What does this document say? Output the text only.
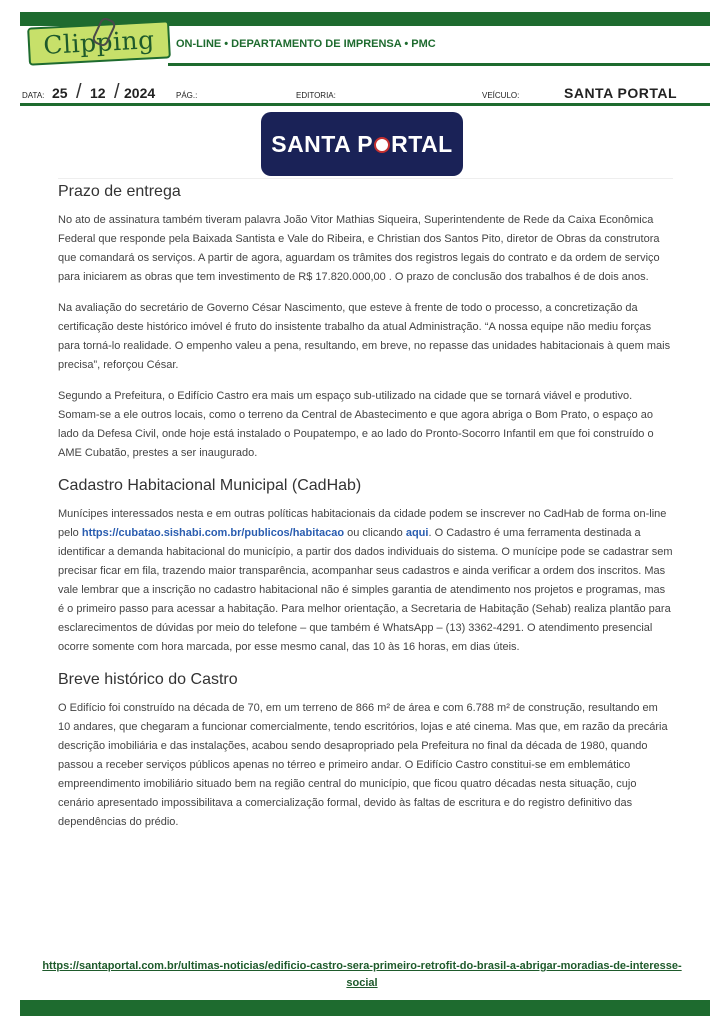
Clipping	ON-LINE • DEPARTAMENTO DE IMPRENSA • PMC
DATA: 25 / 12 / 2024	PÁG.:	EDITORIA:	VEÍCULO:	SANTA PORTAL
SANTA P RTAL
Prazo de entrega

No ato de assinatura também tiveram palavra João Vitor Mathias Siqueira, Superintendente de Rede da Caixa Econômica Federal que responde pela Baixada Santista e Vale do Ribeira, e Christian dos Santos Pito, diretor de Obras da construtora que comandará os serviços. A partir de agora, aguardam os trâmites dos registros legais do contrato e da ordem de serviço para iniciarem as obras que tem investimento de R$ 17.820.000,00 . O prazo de conclusão dos trabalhos é de dois anos.

Na avaliação do secretário de Governo César Nascimento, que esteve à frente de todo o processo, a concretização da certificação deste histórico imóvel é fruto do insistente trabalho da atual Administração. “A nossa equipe não mediu forças para torná-lo realidade. O empenho valeu a pena, resultando, em breve, no repasse das unidades habitacionais à quem mais precisa”, reforçou César.

Segundo a Prefeitura, o Edifício Castro era mais um espaço sub-utilizado na cidade que se tornará viável e produtivo. Somam-se a ele outros locais, como o terreno da Central de Abastecimento e que agora abriga o Bom Prato, o espaço ao lado da Defesa Civil, onde hoje está instalado o Poupatempo, e ao lado do Pronto-Socorro Infantil em que foi construído o AME Cubatão, prestes a ser inaugurado.

Cadastro Habitacional Municipal (CadHab)

Munícipes interessados nesta e em outras políticas habitacionais da cidade podem se inscrever no CadHab de forma on-line pelo https://cubatao.sishabi.com.br/publicos/habitacao ou clicando aqui. O Cadastro é uma ferramenta destinada a identificar a demanda habitacional do município, a partir dos dados individuais do sistema. O munícipe pode se cadastrar sem precisar ficar em fila, trazendo maior transparência, acompanhar seus cadastros e ainda verificar a ordem dos inscritos. Mas vale lembrar que a inscrição no cadastro habitacional não é simples garantia de atendimento nos projetos e programas, mas é o primeiro passo para acessar a habitação. Para melhor orientação, a Secretaria de Habitação (Sehab) realiza plantão para esclarecimentos de dúvidas por meio do telefone – que também é WhatsApp – (13) 3362-4291. O atendimento presencial ocorre somente com hora marcada, por esse mesmo canal, das 10 às 16 horas, em dias úteis.

Breve histórico do Castro

O Edifício foi construído na década de 70, em um terreno de 866 m² de área e com 6.788 m² de construção, resultando em 10 andares, que chegaram a funcionar comercialmente, tendo escritórios, lojas e até cinema. Mas que, em razão da precária descrição imobiliária e das instalações, acabou sendo desapropriado pela Prefeitura no final da década de 1980, quando passou a receber serviços públicos apenas no térreo e primeiro andar. O Edifício Castro constitui-se em emblemático empreendimento imobiliário situado bem na região central do município, que ficou quatro décadas nesta situação, cujo cenário apresentado impossibilitava a comercialização formal, devido às faltas de escritura e do registro definitivo das dependências do prédio.

https://santaportal.com.br/ultimas-noticias/edificio-castro-sera-primeiro-retrofit-do-brasil-a-abrigar-moradias-de-interesse-social
